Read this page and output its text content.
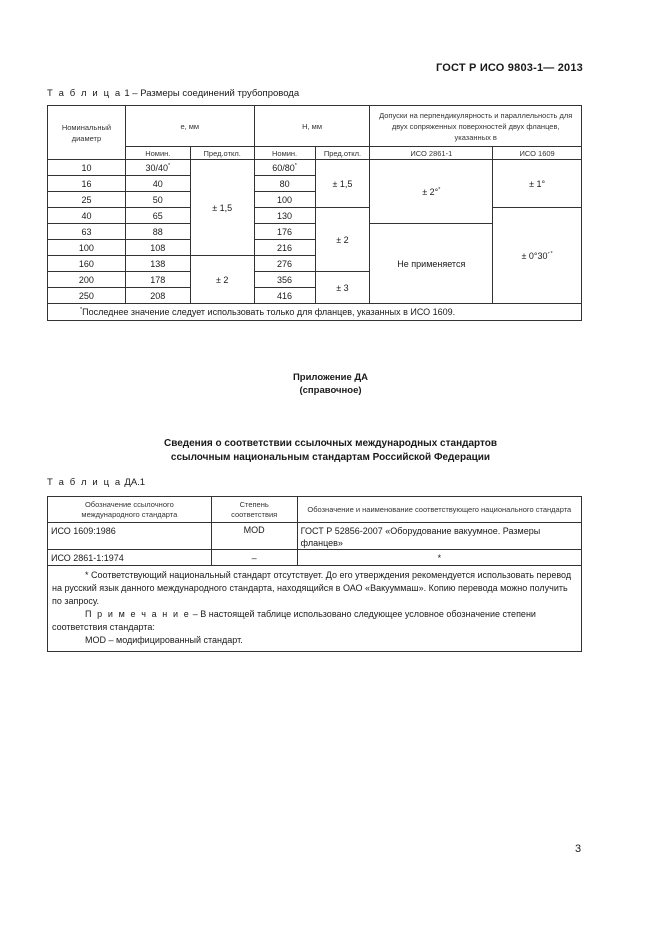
ГОСТ Р ИСО 9803-1— 2013
Т а б л и ц а 1 – Размеры соединений трубопровода
Номинальный диаметр	e, мм		H, мм		Допуски на перпендикулярность и параллельность для двух сопряженных поверхностей двух фланцев, указанных в	
	Номин.	Пред.откл.	Номин.	Пред.откл.	ИСО 2861-1	ИСО 1609
10	30/40*	± 1,5	60/80*	± 1,5	± 2°*	± 1°
16	40		80			
25	50		100			
40	65		130	± 2		± 0°30´*
63	88		176		Не применяется	
100	108		216			
160	138	± 2	276			
200	178		356	± 3		
250	208		416			
*Последнее значение следует использовать только для фланцев, указанных в ИСО 1609.						
Приложение ДА
(справочное)
Сведения о соответствии ссылочных международных стандартов
ссылочным национальным стандартам Российской Федерации
Т а б л и ц а ДА.1
Обозначение ссылочного международного стандарта	Степень соответствия	Обозначение и наименование соответствующего национального стандарта
ИСО 1609:1986	MOD	ГОСТ Р 52856-2007 «Оборудование вакуумное. Размеры фланцев»
ИСО 2861-1:1974	–	*

* Соответствующий национальный стандарт отсутствует. До его утверждения рекомендуется использовать перевод на русский язык данного международного стандарта, находящийся в ОАО «Вакууммаш». Копию перевода можно получить по запросу.
П р и м е ч а н и е – В настоящей таблице использовано следующее условное обозначение степени соответствия стандарта:
MOD – модифицированный стандарт.		
3
